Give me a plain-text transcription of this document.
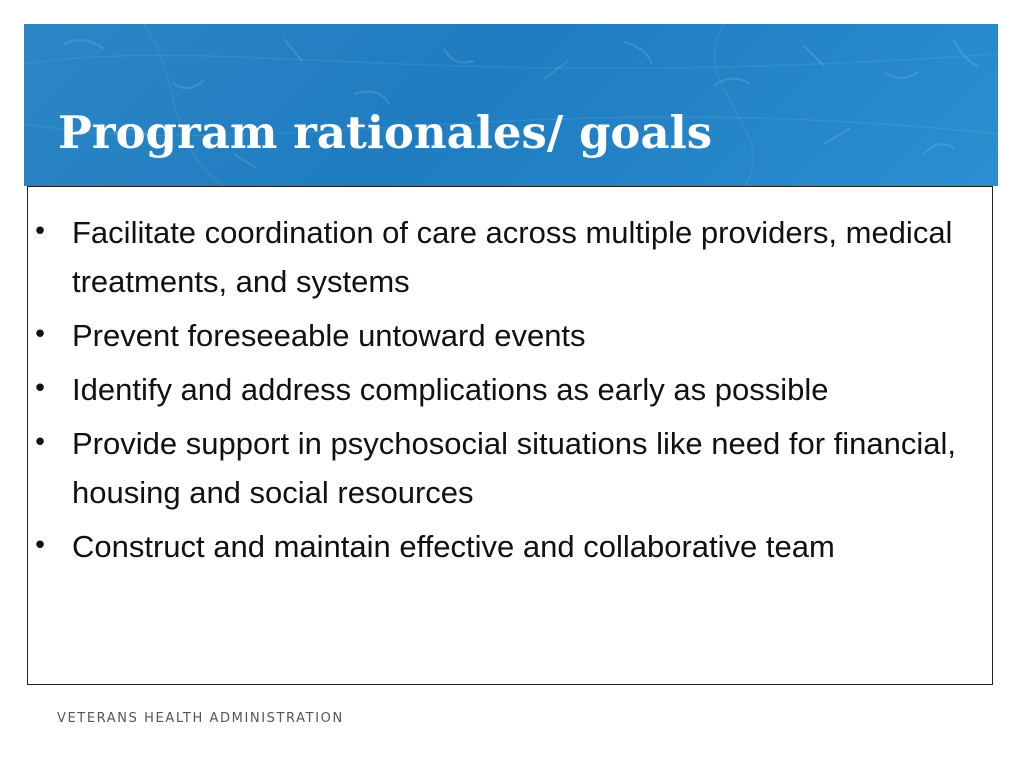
Program rationales/ goals
• Facilitate coordination of care across multiple providers, medical treatments, and systems
• Prevent foreseeable untoward events
• Identify and address complications as early as possible
• Provide support in psychosocial situations like need for financial, housing and social resources
• Construct and maintain effective and collaborative team
VETERANS HEALTH ADMINISTRATION
